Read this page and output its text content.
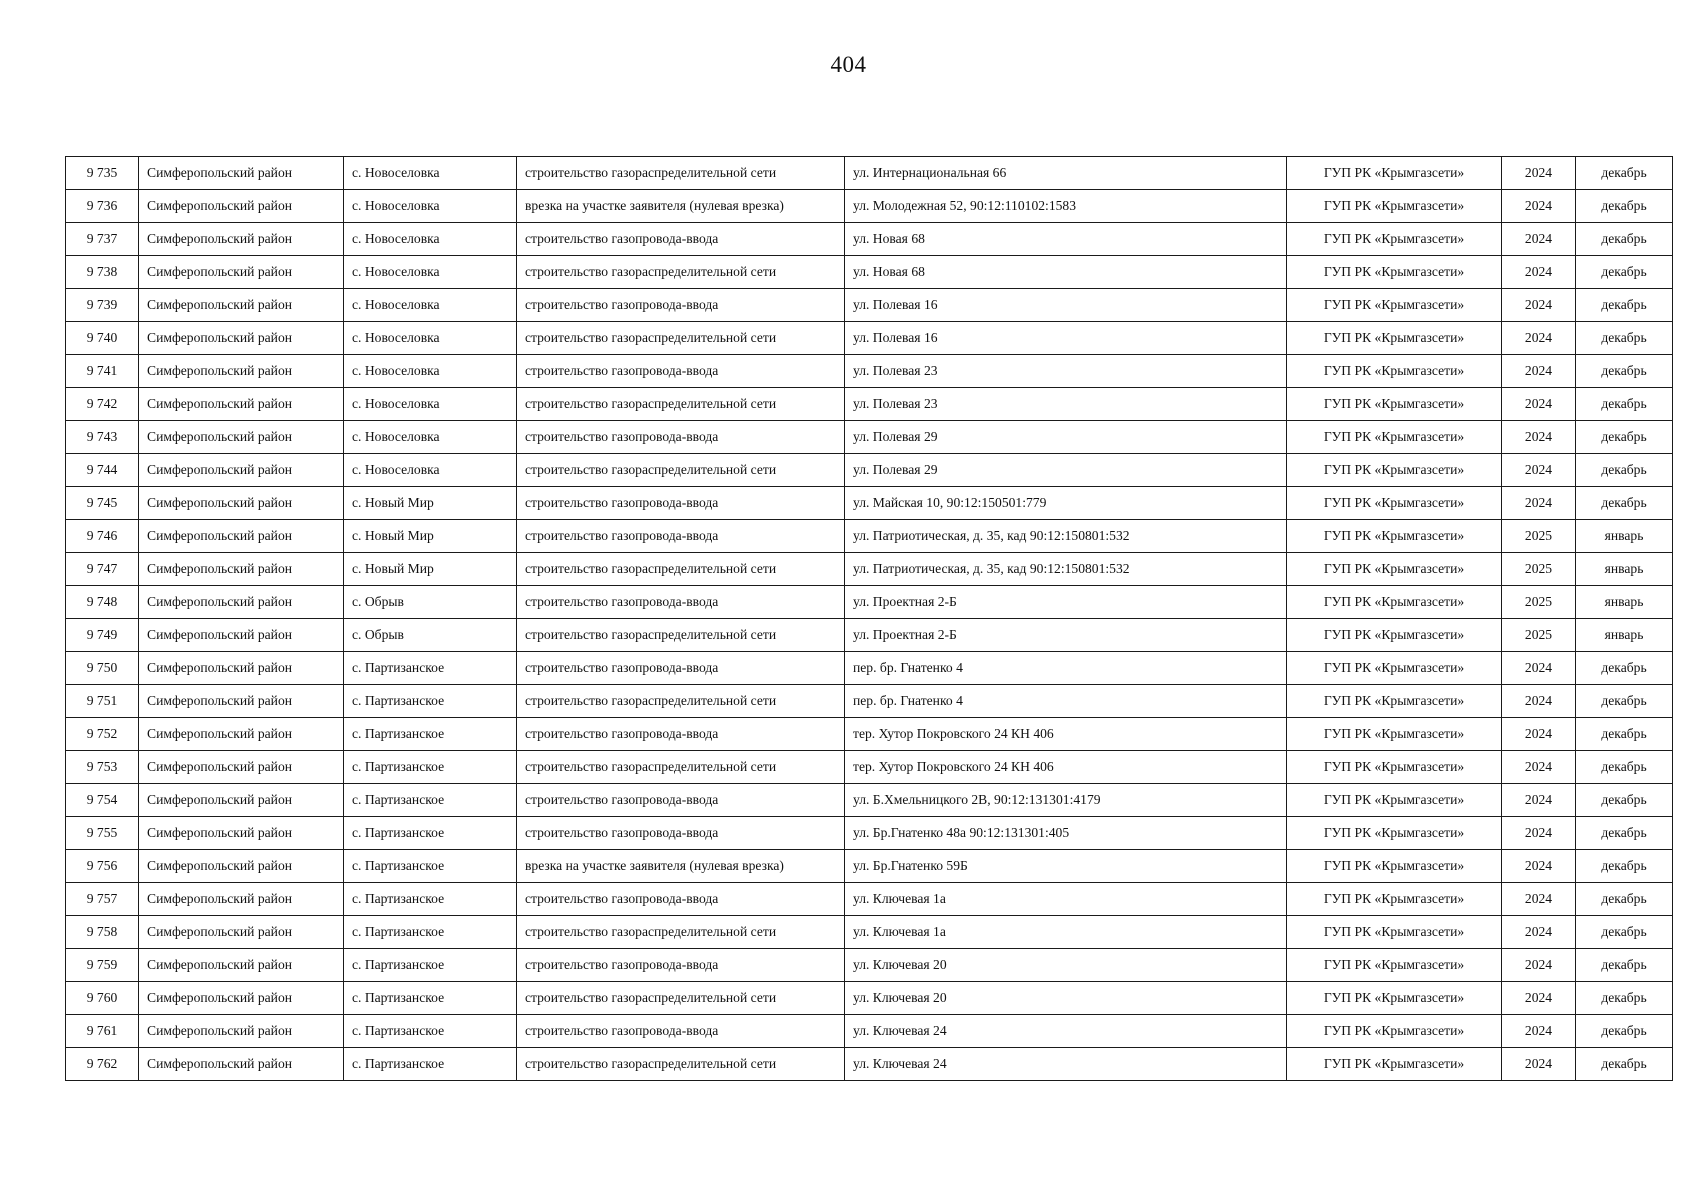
404
9 735	Симферопольский район	с. Новоселовка	строительство газораспределительной сети	ул. Интернациональная 66	ГУП РК «Крымгазсети»	2024	декабрь
9 736	Симферопольский район	с. Новоселовка	врезка на участке заявителя (нулевая врезка)	ул. Молодежная 52, 90:12:110102:1583	ГУП РК «Крымгазсети»	2024	декабрь
9 737	Симферопольский район	с. Новоселовка	строительство газопровода-ввода	ул. Новая 68	ГУП РК «Крымгазсети»	2024	декабрь
9 738	Симферопольский район	с. Новоселовка	строительство газораспределительной сети	ул. Новая 68	ГУП РК «Крымгазсети»	2024	декабрь
9 739	Симферопольский район	с. Новоселовка	строительство газопровода-ввода	ул. Полевая 16	ГУП РК «Крымгазсети»	2024	декабрь
9 740	Симферопольский район	с. Новоселовка	строительство газораспределительной сети	ул. Полевая 16	ГУП РК «Крымгазсети»	2024	декабрь
9 741	Симферопольский район	с. Новоселовка	строительство газопровода-ввода	ул. Полевая 23	ГУП РК «Крымгазсети»	2024	декабрь
9 742	Симферопольский район	с. Новоселовка	строительство газораспределительной сети	ул. Полевая 23	ГУП РК «Крымгазсети»	2024	декабрь
9 743	Симферопольский район	с. Новоселовка	строительство газопровода-ввода	ул. Полевая 29	ГУП РК «Крымгазсети»	2024	декабрь
9 744	Симферопольский район	с. Новоселовка	строительство газораспределительной сети	ул. Полевая 29	ГУП РК «Крымгазсети»	2024	декабрь
9 745	Симферопольский район	с. Новый Мир	строительство газопровода-ввода	ул. Майская 10, 90:12:150501:779	ГУП РК «Крымгазсети»	2024	декабрь
9 746	Симферопольский район	с. Новый Мир	строительство газопровода-ввода	ул. Патриотическая, д. 35, кад 90:12:150801:532	ГУП РК «Крымгазсети»	2025	январь
9 747	Симферопольский район	с. Новый Мир	строительство газораспределительной сети	ул. Патриотическая, д. 35, кад 90:12:150801:532	ГУП РК «Крымгазсети»	2025	январь
9 748	Симферопольский район	с. Обрыв	строительство газопровода-ввода	ул. Проектная 2-Б	ГУП РК «Крымгазсети»	2025	январь
9 749	Симферопольский район	с. Обрыв	строительство газораспределительной сети	ул. Проектная 2-Б	ГУП РК «Крымгазсети»	2025	январь
9 750	Симферопольский район	с. Партизанское	строительство газопровода-ввода	пер. бр. Гнатенко 4	ГУП РК «Крымгазсети»	2024	декабрь
9 751	Симферопольский район	с. Партизанское	строительство газораспределительной сети	пер. бр. Гнатенко 4	ГУП РК «Крымгазсети»	2024	декабрь
9 752	Симферопольский район	с. Партизанское	строительство газопровода-ввода	тер. Хутор Покровского 24 КН 406	ГУП РК «Крымгазсети»	2024	декабрь
9 753	Симферопольский район	с. Партизанское	строительство газораспределительной сети	тер. Хутор Покровского 24 КН 406	ГУП РК «Крымгазсети»	2024	декабрь
9 754	Симферопольский район	с. Партизанское	строительство газопровода-ввода	ул. Б.Хмельницкого 2В, 90:12:131301:4179	ГУП РК «Крымгазсети»	2024	декабрь
9 755	Симферопольский район	с. Партизанское	строительство газопровода-ввода	ул. Бр.Гнатенко 48а 90:12:131301:405	ГУП РК «Крымгазсети»	2024	декабрь
9 756	Симферопольский район	с. Партизанское	врезка на участке заявителя (нулевая врезка)	ул. Бр.Гнатенко 59Б	ГУП РК «Крымгазсети»	2024	декабрь
9 757	Симферопольский район	с. Партизанское	строительство газопровода-ввода	ул. Ключевая 1а	ГУП РК «Крымгазсети»	2024	декабрь
9 758	Симферопольский район	с. Партизанское	строительство газораспределительной сети	ул. Ключевая 1а	ГУП РК «Крымгазсети»	2024	декабрь
9 759	Симферопольский район	с. Партизанское	строительство газопровода-ввода	ул. Ключевая 20	ГУП РК «Крымгазсети»	2024	декабрь
9 760	Симферопольский район	с. Партизанское	строительство газораспределительной сети	ул. Ключевая 20	ГУП РК «Крымгазсети»	2024	декабрь
9 761	Симферопольский район	с. Партизанское	строительство газопровода-ввода	ул. Ключевая 24	ГУП РК «Крымгазсети»	2024	декабрь
9 762	Симферопольский район	с. Партизанское	строительство газораспределительной сети	ул. Ключевая 24	ГУП РК «Крымгазсети»	2024	декабрь
